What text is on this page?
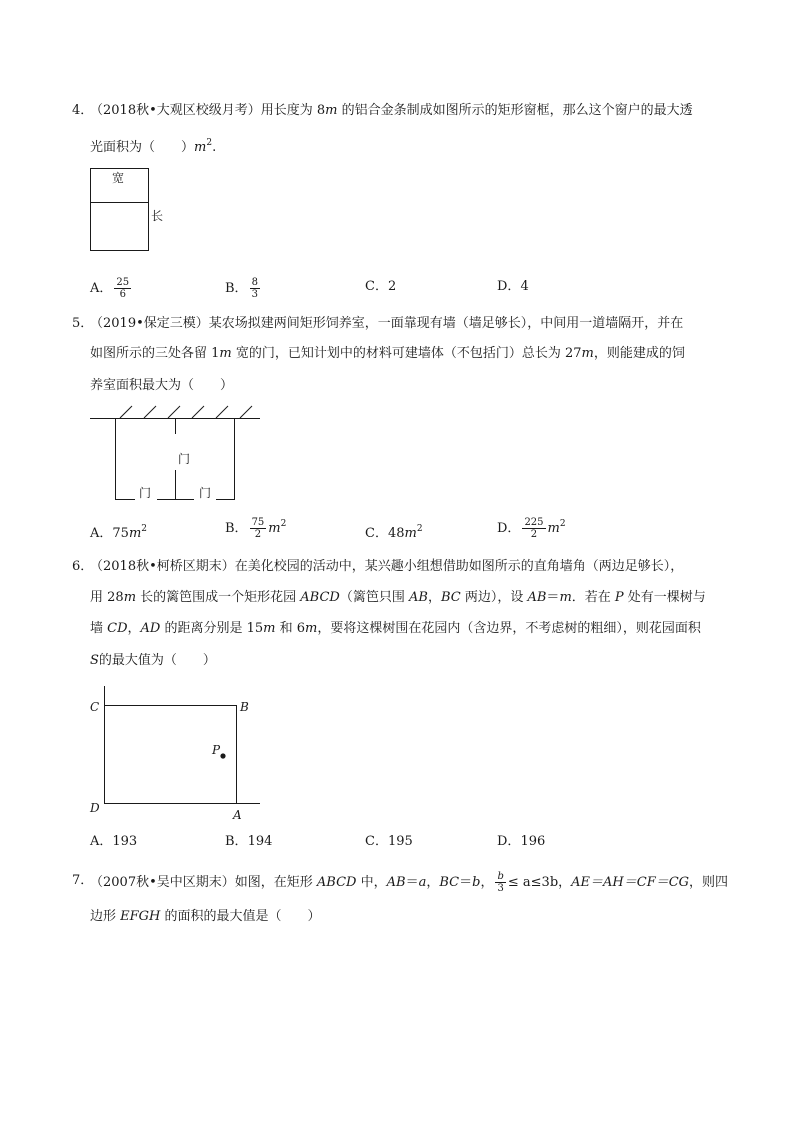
4．
（2018秋•大观区校级月考）用长度为 8m 的铝合金条制成如图所示的矩形窗框，那么这个窗户的最大透
光面积为（　　）$m^2$.
宽
长
A． $\frac{25}{6}$	B． $\frac{8}{3}$	C．2	D．4
5．
（2019•保定三模）某农场拟建两间矩形饲养室，一面靠现有墙（墙足够长），中间用一道墙隔开，并在
如图所示的三处各留 1m 宽的门，已知计划中的材料可建墙体（不包括门）总长为 27m，则能建成的饲
养室面积最大为（　　）
门
门	门
A．$75m^2$	B． $\frac{75}{2} m^2$
C．$48m^2$	D． $\frac{225}{2} m^2$
6．
（2018秋•柯桥区期末）在美化校园的活动中，某兴趣小组想借助如图所示的直角墙角（两边足够长），
用 28m 长的篱笆围成一个矩形花园 ABCD（篱笆只围 AB，BC 两边），设 AB＝m．若在 P 处有一棵树与
墙 CD，AD 的距离分别是 15m 和 6m，要将这棵树围在花园内（含边界，不考虑树的粗细），则花园面积
S的最大值为（　　）
C	B
D	A
P
A．193	B．194	C．195	D．196
7．
（2007秋•吴中区期末）如图，在矩形 ABCD 中，AB＝a，BC＝b， $\frac{b}{3} \le a\le 3b$，AE＝AH＝CF＝CG，则四
边形 EFGH 的面积的最大值是（　　）
